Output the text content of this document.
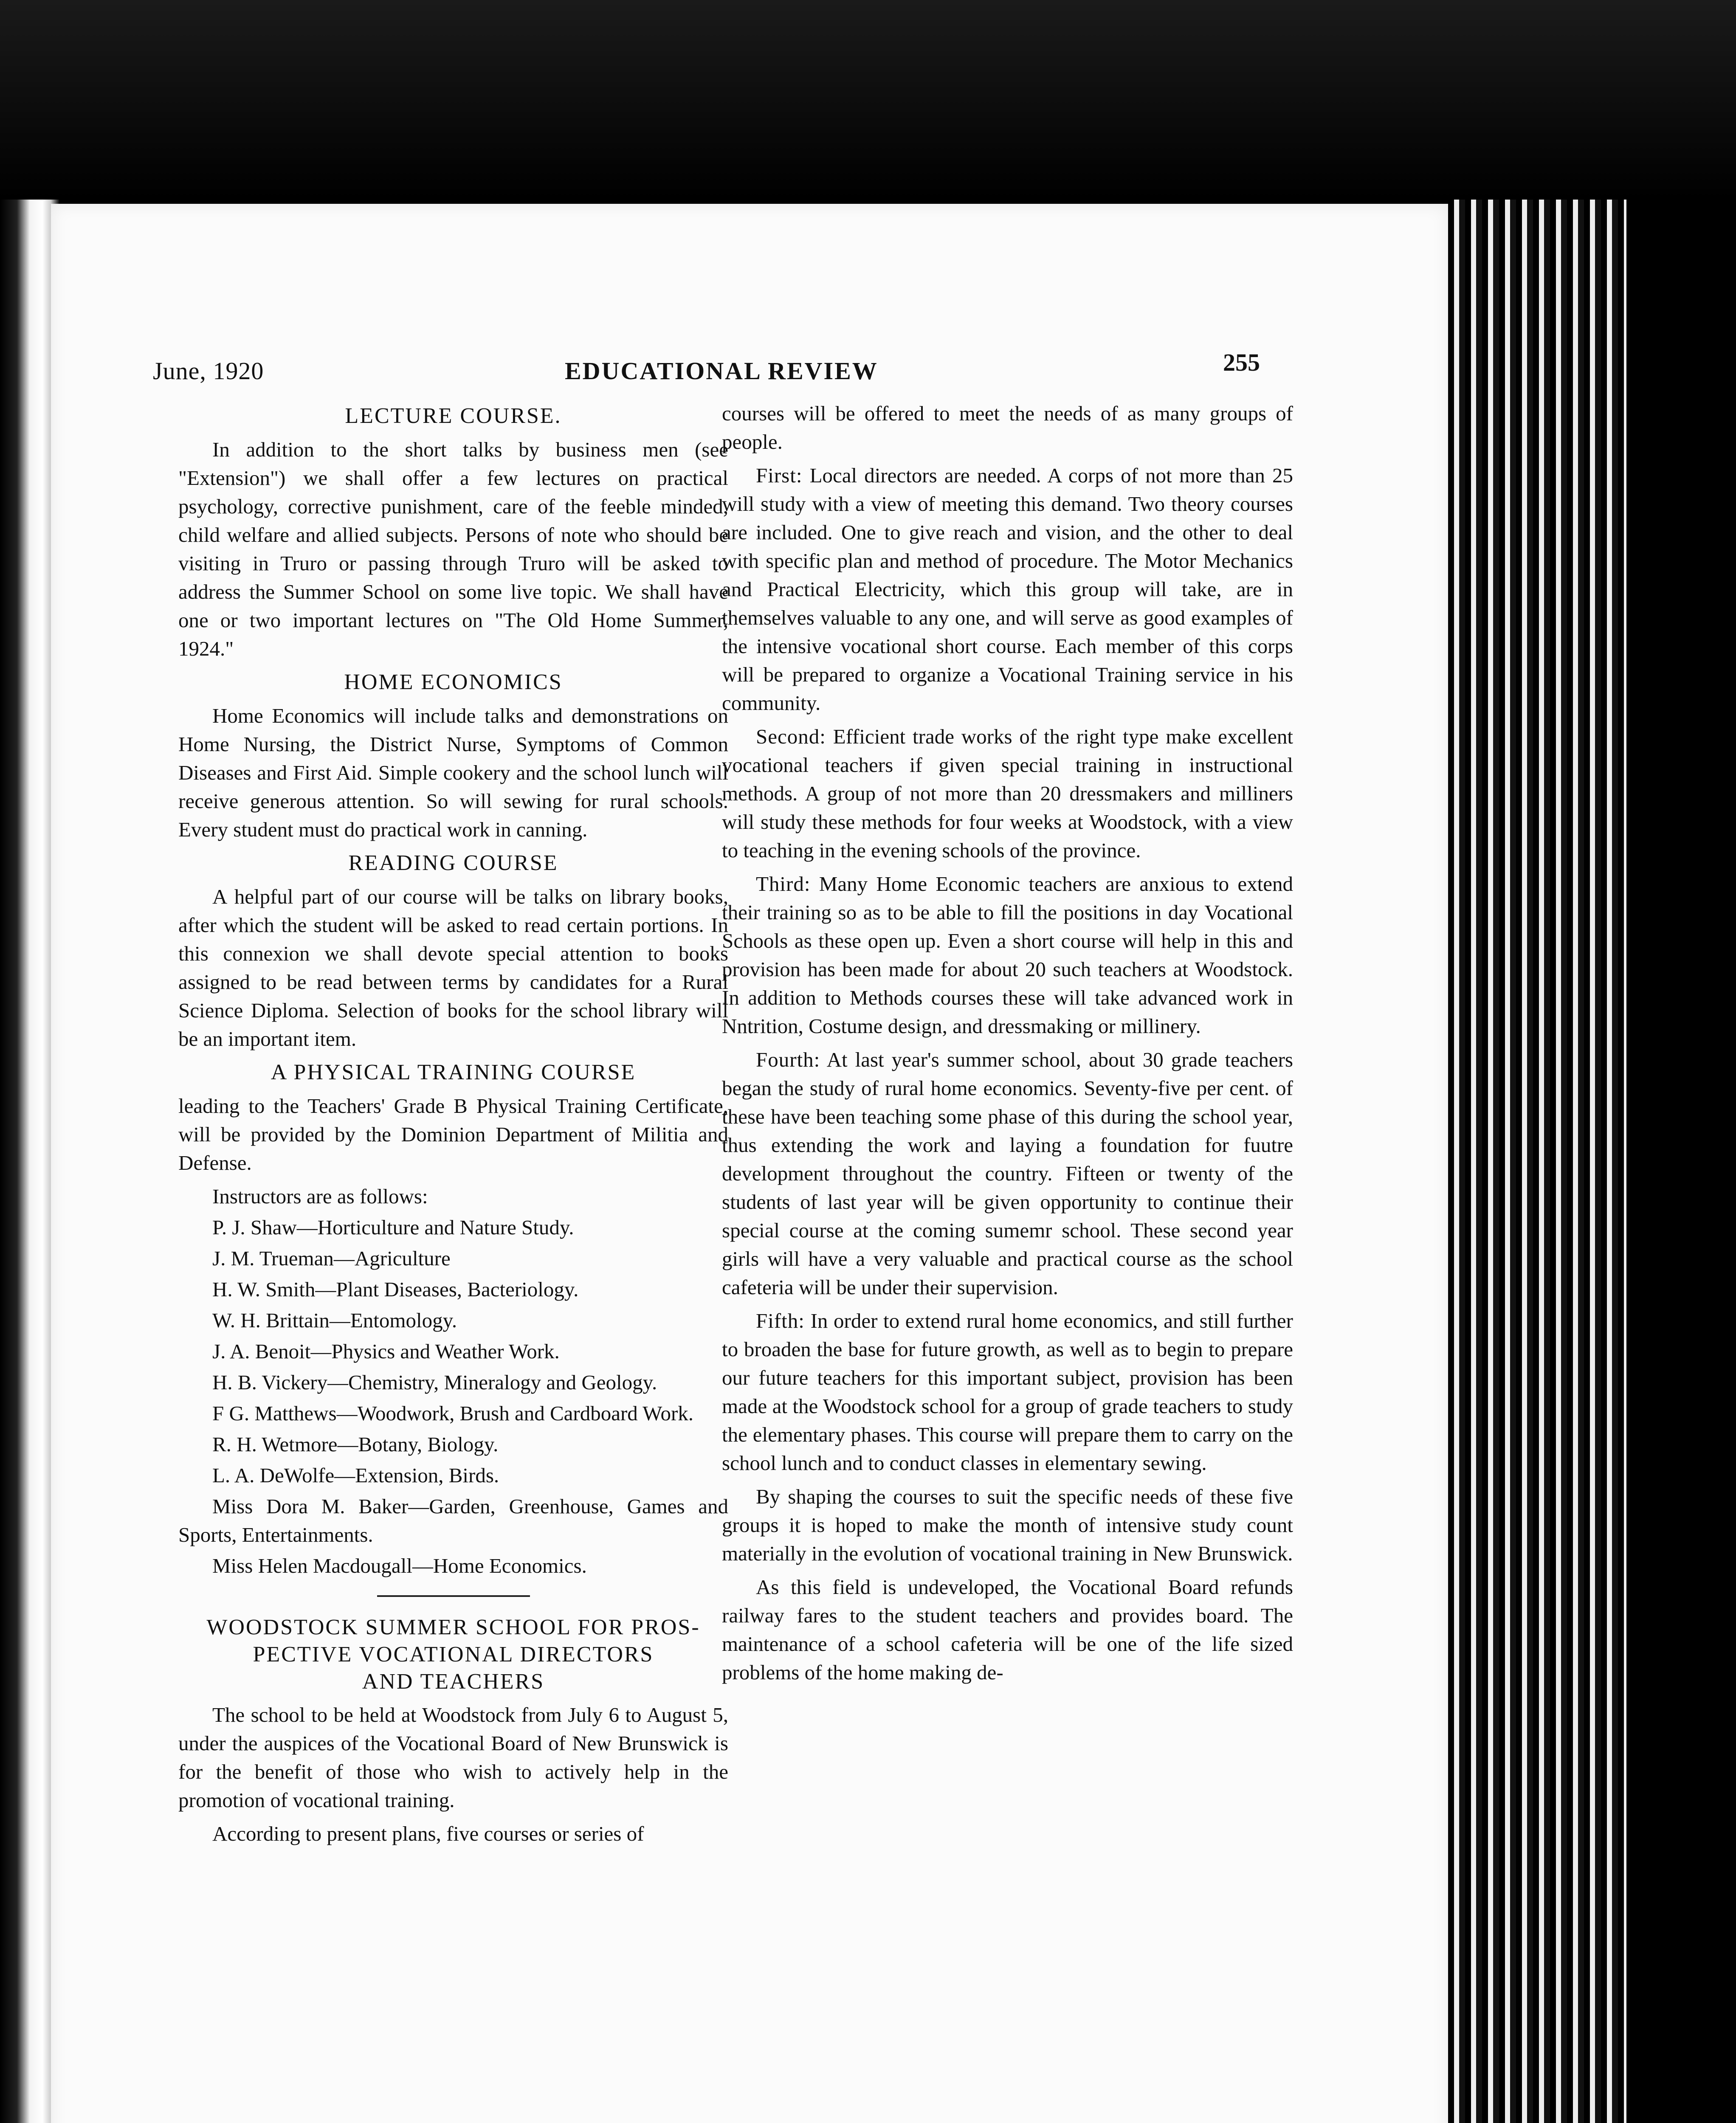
June, 1920	EDUCATIONAL REVIEW	255
LECTURE COURSE.

In addition to the short talks by business men (see "Extension") we shall offer a few lectures on practical psychology, corrective punishment, care of the feeble minded, child welfare and allied subjects. Persons of note who should be visiting in Truro or passing through Truro will be asked to address the Summer School on some live topic. We shall have one or two important lectures on "The Old Home Summer, 1924."

HOME ECONOMICS

Home Economics will include talks and demonstrations on Home Nursing, the District Nurse, Symptoms of Common Diseases and First Aid. Simple cookery and the school lunch will receive generous attention. So will sewing for rural schools. Every student must do practical work in canning.

READING COURSE

A helpful part of our course will be talks on library books, after which the student will be asked to read certain portions. In this connexion we shall devote special attention to books assigned to be read between terms by candidates for a Rural Science Diploma. Selection of books for the school library will be an important item.

A PHYSICAL TRAINING COURSE

leading to the Teachers' Grade B Physical Training Certificate, will be provided by the Dominion Department of Militia and Defense.

Instructors are as follows:

P. J. Shaw—Horticulture and Nature Study.
J. M. Trueman—Agriculture
H. W. Smith—Plant Diseases, Bacteriology.
W. H. Brittain—Entomology.
J. A. Benoit—Physics and Weather Work.
H. B. Vickery—Chemistry, Mineralogy and Geology.
F G. Matthews—Woodwork, Brush and Cardboard Work.
R. H. Wetmore—Botany, Biology.
L. A. DeWolfe—Extension, Birds.
Miss Dora M. Baker—Garden, Greenhouse, Games and Sports, Entertainments.
Miss Helen Macdougall—Home Economics.
WOODSTOCK SUMMER SCHOOL FOR PROS-
PECTIVE VOCATIONAL DIRECTORS
AND TEACHERS

The school to be held at Woodstock from July 6 to August 5, under the auspices of the Vocational Board of New Brunswick is for the benefit of those who wish to actively help in the promotion of vocational training.

According to present plans, five courses or series of

courses will be offered to meet the needs of as many groups of people.

First: Local directors are needed. A corps of not more than 25 will study with a view of meeting this demand. Two theory courses are included. One to give reach and vision, and the other to deal with specific plan and method of procedure. The Motor Mechanics and Practical Electricity, which this group will take, are in themselves valuable to any one, and will serve as good examples of the intensive vocational short course. Each member of this corps will be prepared to organize a Vocational Training service in his community.

Second: Efficient trade works of the right type make excellent vocational teachers if given special training in instructional methods. A group of not more than 20 dressmakers and milliners will study these methods for four weeks at Woodstock, with a view to teaching in the evening schools of the province.

Third: Many Home Economic teachers are anxious to extend their training so as to be able to fill the positions in day Vocational Schools as these open up. Even a short course will help in this and provision has been made for about 20 such teachers at Woodstock. In addition to Methods courses these will take advanced work in Nntrition, Costume design, and dressmaking or millinery.

Fourth: At last year's summer school, about 30 grade teachers began the study of rural home economics. Seventy-five per cent. of these have been teaching some phase of this during the school year, thus extending the work and laying a foundation for fuutre development throughout the country. Fifteen or twenty of the students of last year will be given opportunity to continue their special course at the coming sumemr school. These second year girls will have a very valuable and practical course as the school cafeteria will be under their supervision.

Fifth: In order to extend rural home economics, and still further to broaden the base for future growth, as well as to begin to prepare our future teachers for this important subject, provision has been made at the Woodstock school for a group of grade teachers to study the elementary phases. This course will prepare them to carry on the school lunch and to conduct classes in elementary sewing.

By shaping the courses to suit the specific needs of these five groups it is hoped to make the month of intensive study count materially in the evolution of vocational training in New Brunswick.

As this field is undeveloped, the Vocational Board refunds railway fares to the student teachers and provides board. The maintenance of a school cafeteria will be one of the life sized problems of the home making de-
